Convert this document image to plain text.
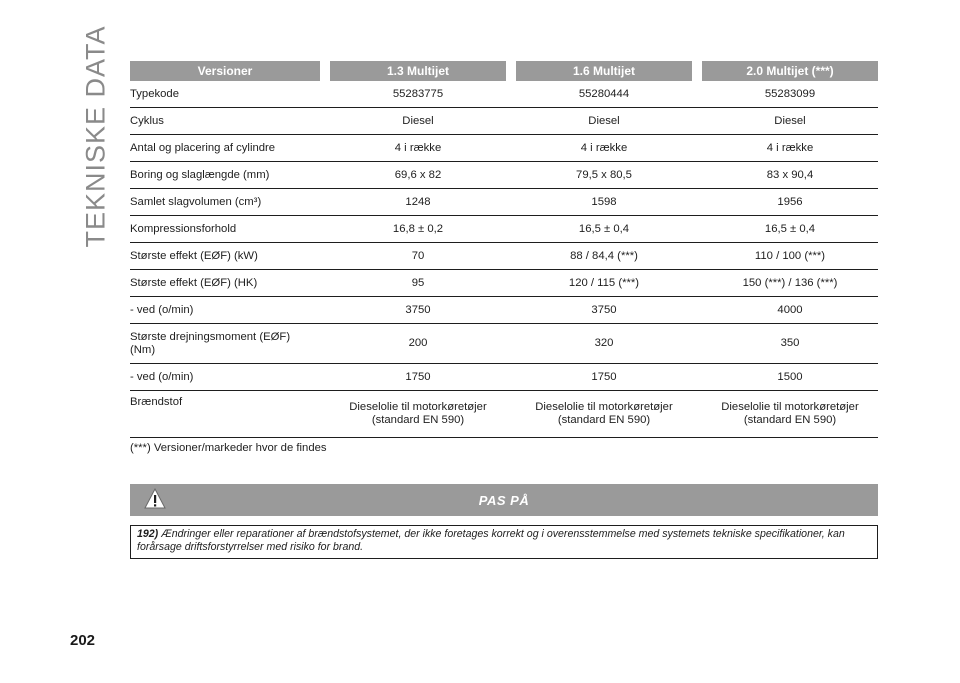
TEKNISKE DATA	Versioner		1.3 Multijet		1.6 Multijet		2.0 Multijet (***)
Typekode		55283775		55280444		55283099
Cyklus		Diesel		Diesel		Diesel
Antal og placering af cylindre		4 i række		4 i række		4 i række
Boring og slaglængde (mm)		69,6 x 82		79,5 x 80,5		83 x 90,4
Samlet slagvolumen (cm³)		1248		1598		1956
Kompressionsforhold		16,8 ± 0,2		16,5 ± 0,4		16,5 ± 0,4
Største effekt (EØF) (kW)		70		88 / 84,4 (***)		110 / 100 (***)
Største effekt (EØF) (HK)		95		120 / 115 (***)		150 (***) / 136 (***)
- ved (o/min)		3750		3750		4000
Største drejningsmoment (EØF) (Nm)		200		320		350
- ved (o/min)		1750		1750		1500
Brændstof		Dieselolie til motorkøretøjer (standard EN 590)		Dieselolie til motorkøretøjer (standard EN 590)		Dieselolie til motorkøretøjer (standard EN 590)
(***) Versioner/markeder hvor de findes
PAS PÅ

192) Ændringer eller reparationer af brændstofsystemet, der ikke foretages korrekt og i overensstemmelse med systemets tekniske specifikationer, kan forårsage driftsforstyrrelser med risiko for brand.

202
